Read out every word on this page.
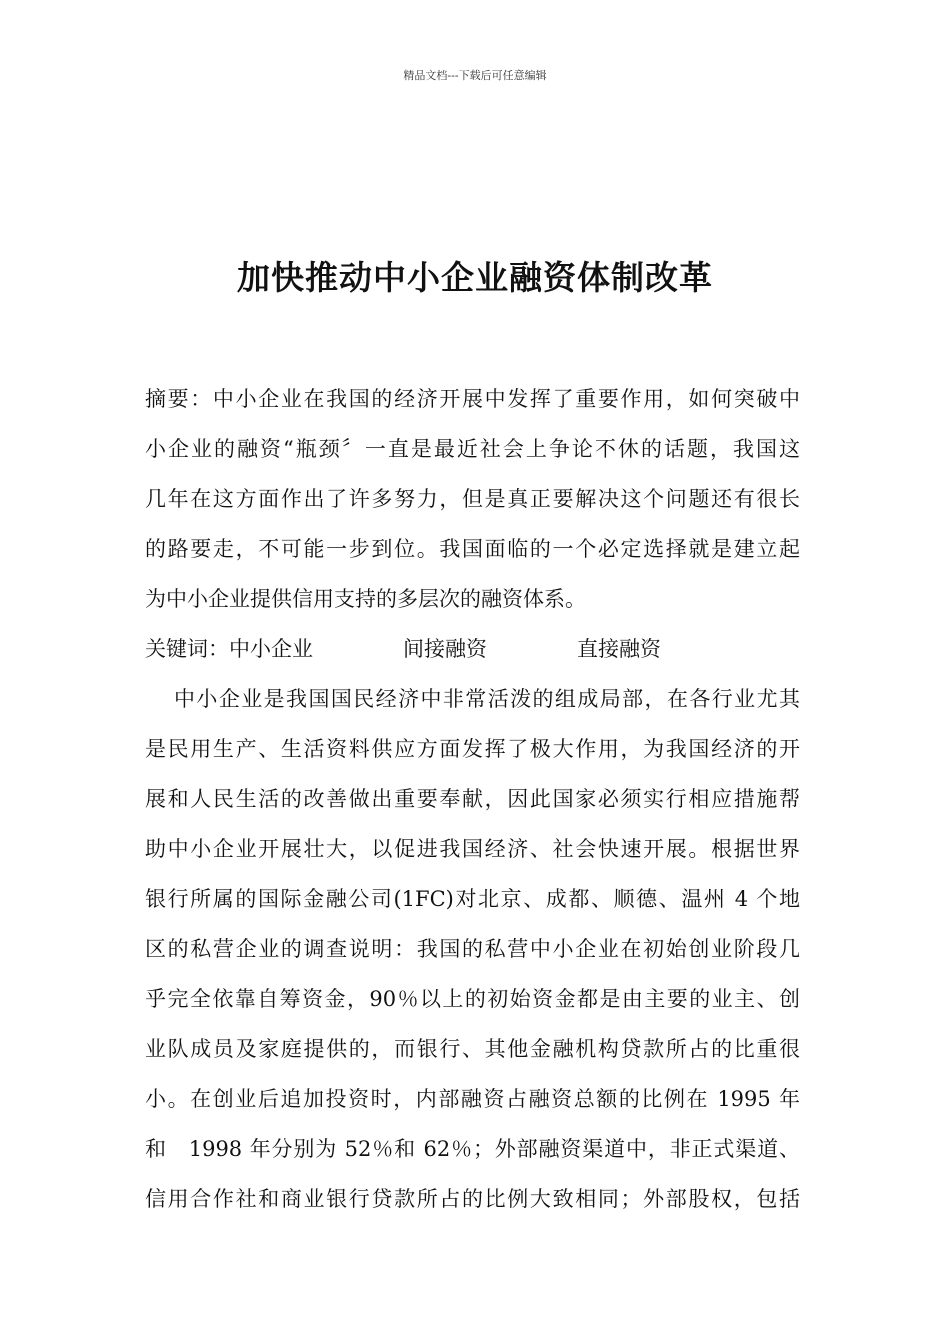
精品文档---下载后可任意编辑
加快推动中小企业融资体制改革
摘要：中小企业在我国的经济开展中发挥了重要作用，如何突破中
小企业的融资“瓶颈〞一直是最近社会上争论不休的话题，我国这
几年在这方面作出了许多努力，但是真正要解决这个问题还有很长
的路要走，不可能一步到位。我国面临的一个必定选择就是建立起
为中小企业提供信用支持的多层次的融资体系。
关键词：中小企业	间接融资	直接融资
中小企业是我国国民经济中非常活泼的组成局部，在各行业尤其
是民用生产、生活资料供应方面发挥了极大作用，为我国经济的开
展和人民生活的改善做出重要奉献，因此国家必须实行相应措施帮
助中小企业开展壮大，以促进我国经济、社会快速开展。根据世界
银行所属的国际金融公司(1FC)对北京、成都、顺德、温州 4 个地
区的私营企业的调查说明：我国的私营中小企业在初始创业阶段几
乎完全依靠自筹资金，90％以上的初始资金都是由主要的业主、创
业队成员及家庭提供的，而银行、其他金融机构贷款所占的比重很
小。在创业后追加投资时，内部融资占融资总额的比例在 1995 年
和　1998 年分别为 52％和 62％；外部融资渠道中，非正式渠道、
信用合作社和商业银行贷款所占的比例大致相同；外部股权，包括
